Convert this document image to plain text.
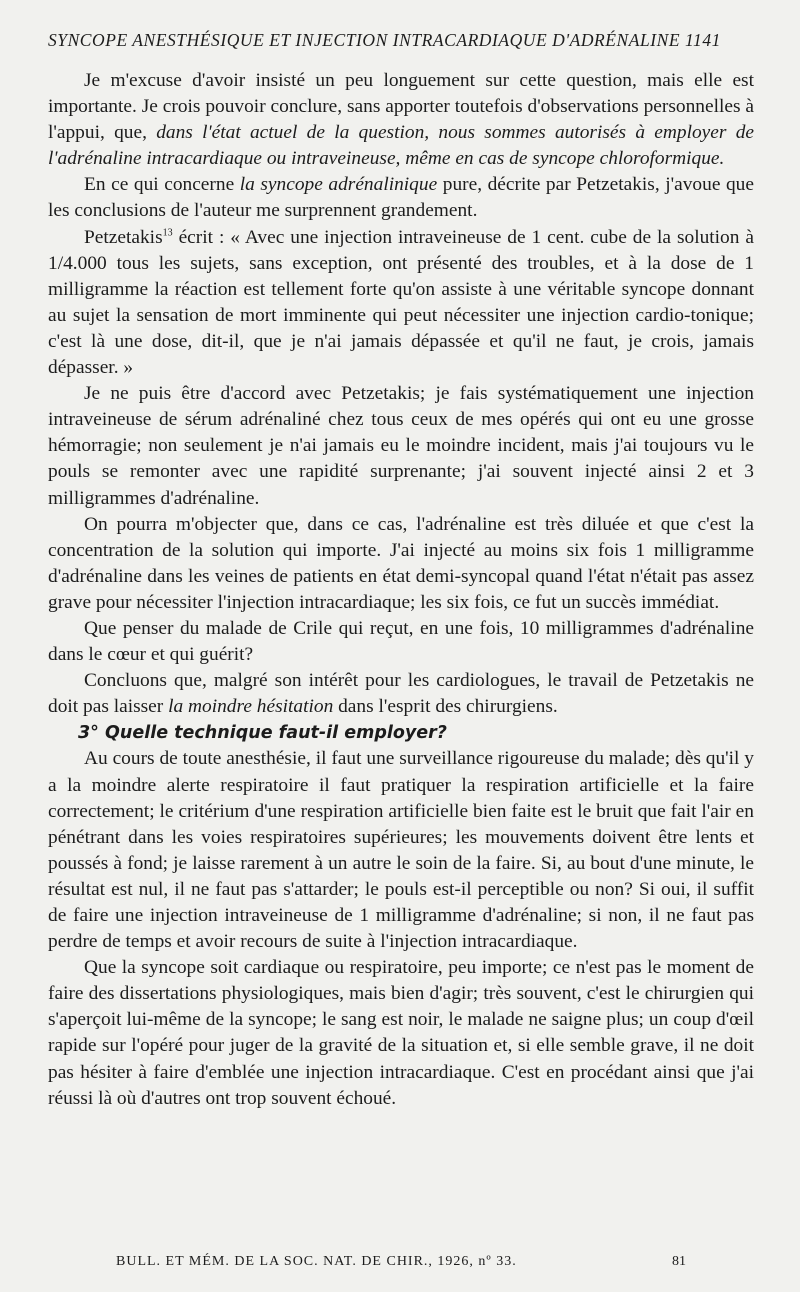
SYNCOPE ANESTHÉSIQUE ET INJECTION INTRACARDIAQUE D'ADRÉNALINE 1141

Je m'excuse d'avoir insisté un peu longuement sur cette question, mais elle est importante. Je crois pouvoir conclure, sans apporter toutefois d'observations personnelles à l'appui, que, dans l'état actuel de la question, nous sommes autorisés à employer de l'adrénaline intracardiaque ou intraveineuse, même en cas de syncope chloroformique.

En ce qui concerne la syncope adrénalinique pure, décrite par Petzetakis, j'avoue que les conclusions de l'auteur me surprennent grandement.

Petzetakis$^{13}$ écrit : « Avec une injection intraveineuse de 1 cent. cube de la solution à 1/4.000 tous les sujets, sans exception, ont présenté des troubles, et à la dose de 1 milligramme la réaction est tellement forte qu'on assiste à une véritable syncope donnant au sujet la sensation de mort imminente qui peut nécessiter une injection cardio-tonique; c'est là une dose, dit-il, que je n'ai jamais dépassée et qu'il ne faut, je crois, jamais dépasser. »

Je ne puis être d'accord avec Petzetakis; je fais systématiquement une injection intraveineuse de sérum adrénaliné chez tous ceux de mes opérés qui ont eu une grosse hémorragie; non seulement je n'ai jamais eu le moindre incident, mais j'ai toujours vu le pouls se remonter avec une rapidité surprenante; j'ai souvent injecté ainsi 2 et 3 milligrammes d'adrénaline.

On pourra m'objecter que, dans ce cas, l'adrénaline est très diluée et que c'est la concentration de la solution qui importe. J'ai injecté au moins six fois 1 milligramme d'adrénaline dans les veines de patients en état demi-syncopal quand l'état n'était pas assez grave pour nécessiter l'injection intracardiaque; les six fois, ce fut un succès immédiat.

Que penser du malade de Crile qui reçut, en une fois, 10 milligrammes d'adrénaline dans le cœur et qui guérit?

Concluons que, malgré son intérêt pour les cardiologues, le travail de Petzetakis ne doit pas laisser la moindre hésitation dans l'esprit des chirurgiens.

3° Quelle technique faut-il employer?

Au cours de toute anesthésie, il faut une surveillance rigoureuse du malade; dès qu'il y a la moindre alerte respiratoire il faut pratiquer la respiration artificielle et la faire correctement; le critérium d'une respiration artificielle bien faite est le bruit que fait l'air en pénétrant dans les voies respiratoires supérieures; les mouvements doivent être lents et poussés à fond; je laisse rarement à un autre le soin de la faire. Si, au bout d'une minute, le résultat est nul, il ne faut pas s'attarder; le pouls est-il perceptible ou non? Si oui, il suffit de faire une injection intraveineuse de 1 milligramme d'adrénaline; si non, il ne faut pas perdre de temps et avoir recours de suite à l'injection intracardiaque.

Que la syncope soit cardiaque ou respiratoire, peu importe; ce n'est pas le moment de faire des dissertations physiologiques, mais bien d'agir; très souvent, c'est le chirurgien qui s'aperçoit lui-même de la syncope; le sang est noir, le malade ne saigne plus; un coup d'œil rapide sur l'opéré pour juger de la gravité de la situation et, si elle semble grave, il ne doit pas hésiter à faire d'emblée une injection intracardiaque. C'est en procédant ainsi que j'ai réussi là où d'autres ont trop souvent échoué.

BULL. ET MÉM. DE LA SOC. NAT. DE CHIR., 1926, nº 33.	81
